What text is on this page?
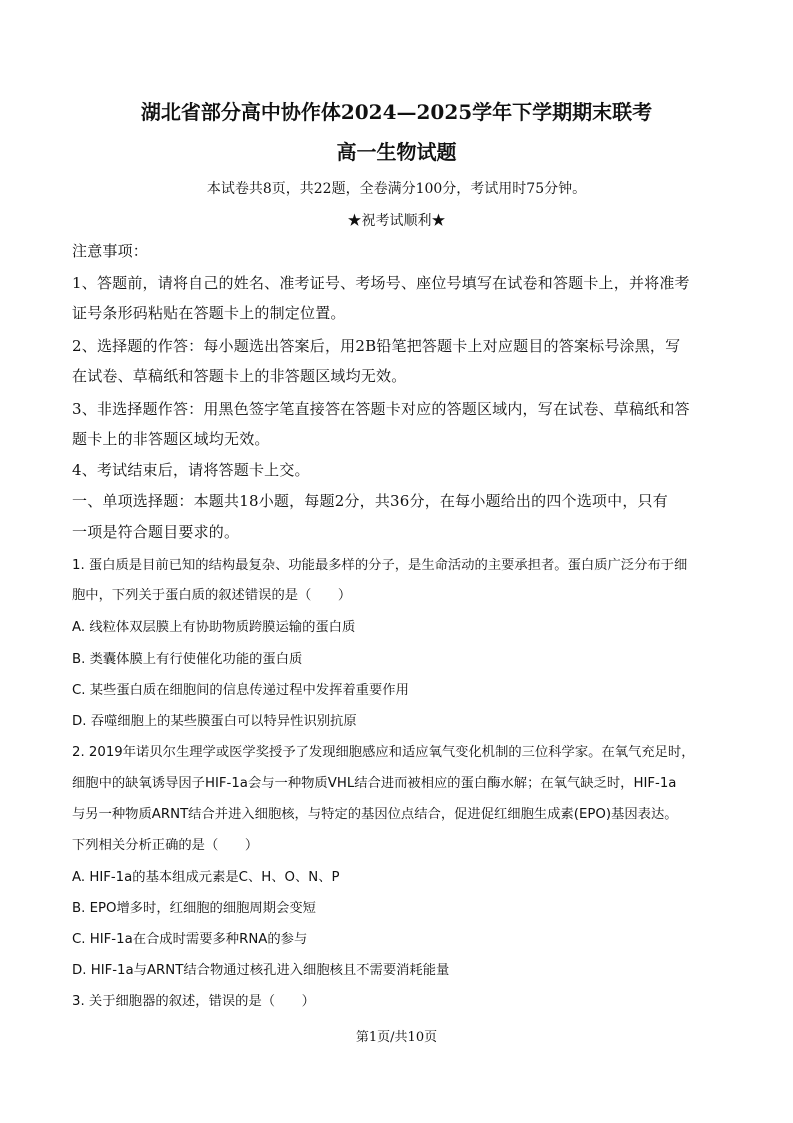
湖北省部分高中协作体2024—2025学年下学期期末联考
高一生物试题
本试卷共8页，共22题，全卷满分100分，考试用时75分钟。
★祝考试顺利★
注意事项：
1、答题前，请将自己的姓名、准考证号、考场号、座位号填写在试卷和答题卡上，并将准考
证号条形码粘贴在答题卡上的制定位置。
2、选择题的作答：每小题选出答案后，用2B铅笔把答题卡上对应题目的答案标号涂黑，写
在试卷、草稿纸和答题卡上的非答题区域均无效。
3、非选择题作答：用黑色签字笔直接答在答题卡对应的答题区域内，写在试卷、草稿纸和答
题卡上的非答题区域均无效。
4、考试结束后，请将答题卡上交。
一、单项选择题：本题共18小题，每题2分，共36分，在每小题给出的四个选项中，只有
一项是符合题目要求的。
1. 蛋白质是目前已知的结构最复杂、功能最多样的分子，是生命活动的主要承担者。蛋白质广泛分布于细
胞中，下列关于蛋白质的叙述错误的是（　　）
A. 线粒体双层膜上有协助物质跨膜运输的蛋白质
B. 类囊体膜上有行使催化功能的蛋白质
C. 某些蛋白质在细胞间的信息传递过程中发挥着重要作用
D. 吞噬细胞上的某些膜蛋白可以特异性识别抗原
2. 2019年诺贝尔生理学或医学奖授予了发现细胞感应和适应氧气变化机制的三位科学家。在氧气充足时，
细胞中的缺氧诱导因子HIF-1a会与一种物质VHL结合进而被相应的蛋白酶水解；在氧气缺乏时，HIF-1a
与另一种物质ARNT结合并进入细胞核，与特定的基因位点结合，促进促红细胞生成素(EPO)基因表达。
下列相关分析正确的是（　　）
A. HIF-1a的基本组成元素是C、H、O、N、P
B. EPO增多时，红细胞的细胞周期会变短
C. HIF-1a在合成时需要多种RNA的参与
D. HIF-1a与ARNT结合物通过核孔进入细胞核且不需要消耗能量
3. 关于细胞器的叙述，错误的是（　　）
第1页/共10页
